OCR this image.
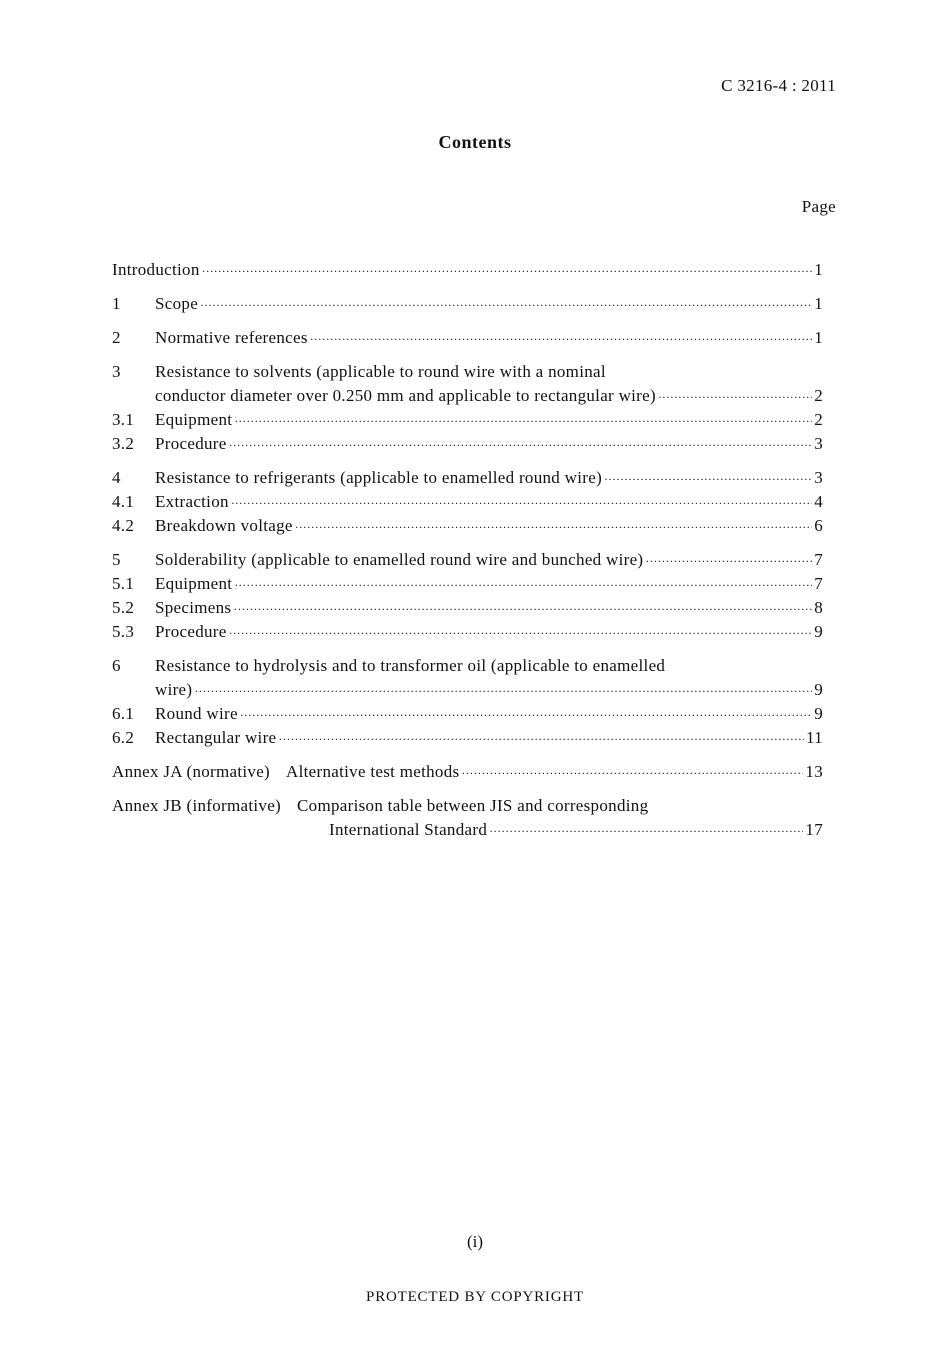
C 3216-4 : 2011
Contents
Page
Introduction ·····	1
1	Scope ·····	1
2	Normative references ·····	1
3	Resistance to solvents (applicable to round wire with a nominal
conductor diameter over 0.250 mm and applicable to rectangular wire) ·····	2
3.1	Equipment ·····	2
3.2	Procedure ·····	3
4	Resistance to refrigerants (applicable to enamelled round wire) ·····	3
4.1	Extraction ·····	4
4.2	Breakdown voltage ·····	6
5	Solderability (applicable to enamelled round wire and bunched wire) ·····	7
5.1	Equipment ·····	7
5.2	Specimens ·····	8
5.3	Procedure ·····	9
6	Resistance to hydrolysis and to transformer oil (applicable to enamelled
wire) ·····	9
6.1	Round wire ·····	9
6.2	Rectangular wire ·····	11
Annex JA (normative) Alternative test methods ·····	13
Annex JB (informative) Comparison table between JIS and corresponding
International Standard ·····	17
(i)
PROTECTED BY COPYRIGHT
